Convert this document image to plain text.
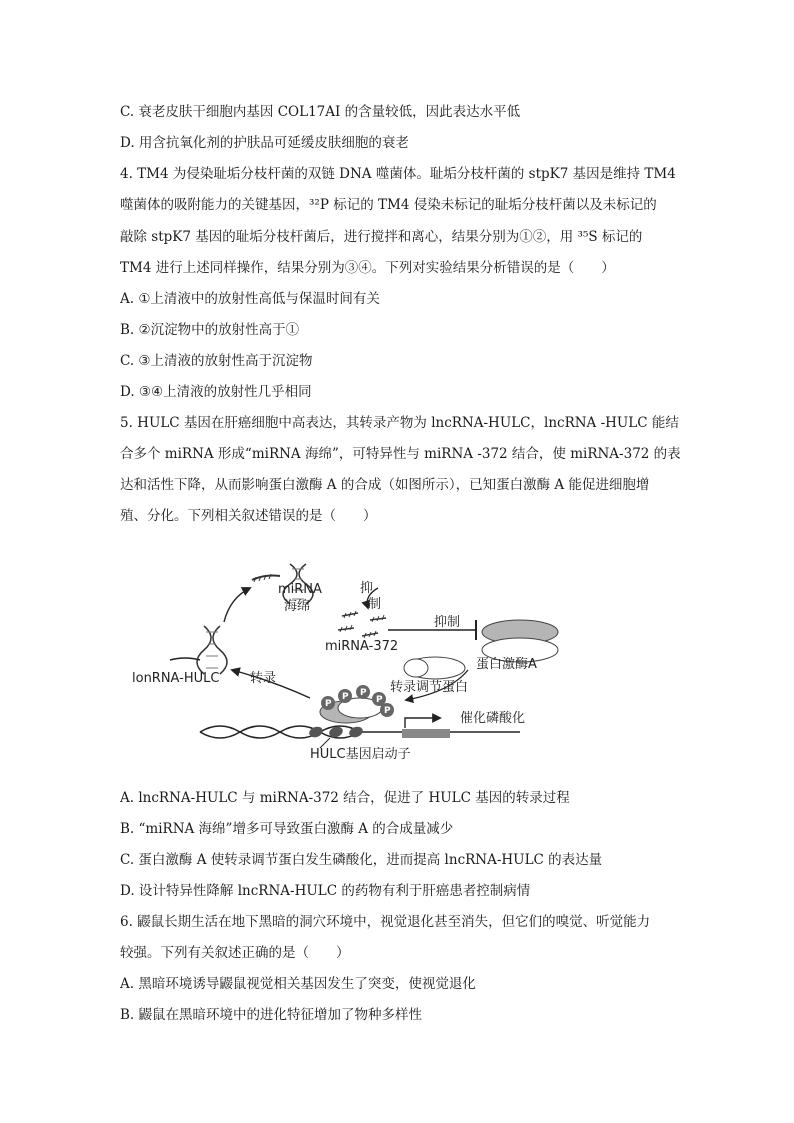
C. 衰老皮肤干细胞内基因 COL17AI 的含量较低，因此表达水平低
D. 用含抗氧化剂的护肤品可延缓皮肤细胞的衰老
4. TM4 为侵染耻垢分枝杆菌的双链 DNA 噬菌体。耻垢分枝杆菌的 stpK7 基因是维持 TM4
噬菌体的吸附能力的关键基因，³²P 标记的 TM4 侵染未标记的耻垢分枝杆菌以及未标记的
敲除 stpK7 基因的耻垢分枝杆菌后，进行搅拌和离心，结果分别为①②，用 ³⁵S 标记的
TM4 进行上述同样操作，结果分别为③④。下列对实验结果分析错误的是（　　）
A. ①上清液中的放射性高低与保温时间有关
B. ②沉淀物中的放射性高于①
C. ③上清液的放射性高于沉淀物
D. ③④上清液的放射性几乎相同
5. HULC 基因在肝癌细胞中高表达，其转录产物为 lncRNA-HULC，lncRNA -HULC 能结
合多个 miRNA 形成“miRNA 海绵”，可特异性与 miRNA -372 结合，使 miRNA-372 的表
达和活性下降，从而影响蛋白激酶 A 的合成（如图所示），已知蛋白激酶 A 能促进细胞增
殖、分化。下列相关叙述错误的是（　　）
P
P P
P
P
miRNA
海绵
抑
制
miRNA-372
抑制
蛋白激酶A
lonRNA-HULC 转录
转录调节蛋白
催化磷酸化
HULC基因启动子
A. lncRNA-HULC 与 miRNA-372 结合，促进了 HULC 基因的转录过程
B. “miRNA 海绵”增多可导致蛋白激酶 A 的合成量减少
C. 蛋白激酶 A 使转录调节蛋白发生磷酸化，进而提高 lncRNA-HULC 的表达量
D. 设计特异性降解 lncRNA-HULC 的药物有利于肝癌患者控制病情
6. 鼹鼠长期生活在地下黑暗的洞穴环境中，视觉退化甚至消失，但它们的嗅觉、听觉能力
较强。下列有关叙述正确的是（　　）
A. 黑暗环境诱导鼹鼠视觉相关基因发生了突变，使视觉退化
B. 鼹鼠在黑暗环境中的进化特征增加了物种多样性
